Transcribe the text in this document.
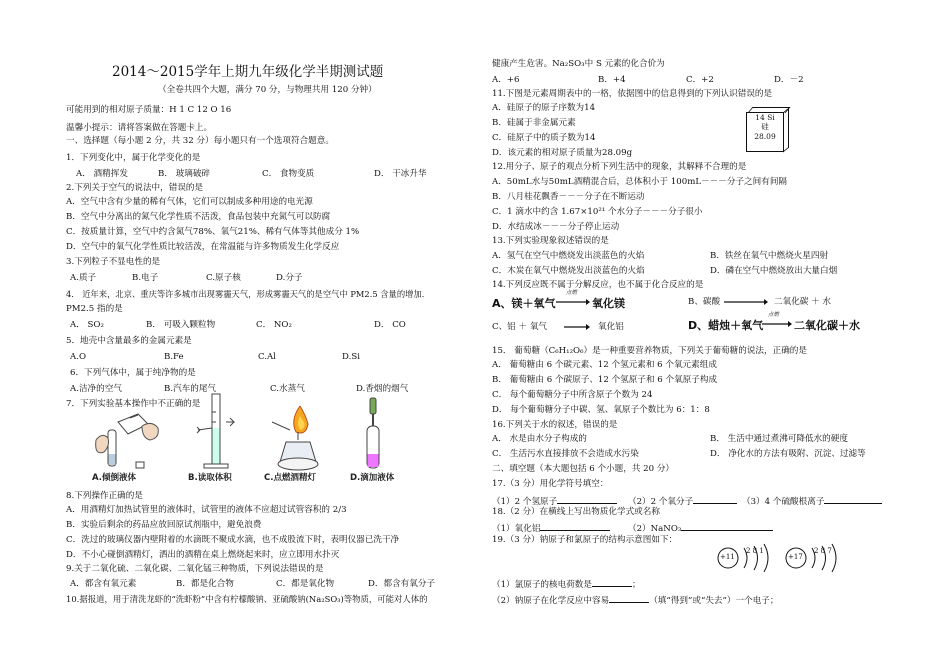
2014～2015学年上期九年级化学半期测试题
（全卷共四个大题，满分 70 分，与物理共用 120 分钟）
可能用到的相对原子质量：H 1 C 12 O 16
温馨小提示：请将答案做在答题卡上。
一、选择题（每小题 2 分，共 32 分）每小题只有一个选项符合题意。
1．下列变化中，属于化学变化的是
A． 酒精挥发	B． 玻璃破碎	C． 食物变质	D． 干冰升华
2.下列关于空气的说法中，错误的是
A．空气中含有少量的稀有气体，它们可以制成多种用途的电光源
B．空气中分离出的氮气化学性质不活泼，食品包装中充氮气可以防腐
C．按质量计算，空气中约含氮气78%、氧气21%、稀有气体等其他成分 1%
D．空气中的氧气化学性质比较活泼，在常温能与许多物质发生化学反应
3.下列粒子不显电性的是
A.质子	B.电子	C.原子核	D.分子
4． 近年来，北京、重庆等许多城市出现雾霾天气，形成雾霾天气的是空气中 PM2.5 含量的增加．
PM2.5 指的是
A． SO₂	B． 可吸入颗粒物	C． NO₂	D． CO
5．地壳中含量最多的金属元素是
A.O	B.Fe	C.Al	D.Si
6．下列气体中，属于纯净物的是
A.洁净的空气	B.汽车的尾气	C.水蒸气	D.香烟的烟气
7．下列实验基本操作中不正确的是
A.倾倒液体	B.读取体积	C.点燃酒精灯	D.滴加液体
8.下列操作正确的是
A．用酒精灯加热试管里的液体时，试管里的液体不应超过试管容积的 2/3
B．实验后剩余的药品应放回原试剂瓶中，避免浪费
C．洗过的玻璃仪器内壁附着的水滴既不聚成水滴，也不成股流下时，表明仪器已洗干净
D．不小心碰倒酒精灯，洒出的酒精在桌上燃烧起来时，应立即用水扑灭
9.关于二氧化硫、二氧化碳、二氧化锰三种物质，下列说法错误的是
A．都含有氧元素	B．都是化合物	C．都是氧化物	D．都含有氧分子
10.据报道，用于清洗龙虾的“洗虾粉”中含有柠檬酸钠、亚硫酸钠(Na₂SO₃)等物质，可能对人体的
健康产生危害。Na₂SO₃中 S 元素的化合价为
A．+6	B．+4	C．+2	D．－2
11.下图是元素周期表中的一格，依据图中的信息得到的下列认识错误的是
A．硅原子的原子序数为14
B．硅属于非金属元素
C．硅原子中的质子数为14
D．该元素的相对原子质量为28.09g
14 Si
硅
28.09
12.用分子、原子的观点分析下列生活中的现象，其解释不合理的是
A．50mL水与50mL酒精混合后，总体积小于 100mL－－－分子之间有间隔
B．八月桂花飘香－－－分子在不断运动
C．1 滴水中约含 1.67×10²¹ 个水分子－－－分子很小
D．水结成冰－－－分子停止运动
13.下列实验现象叙述错误的是
A．氢气在空气中燃烧发出淡蓝色的火焰	B．铁丝在氧气中燃烧火星四射
C．木炭在氧气中燃烧发出淡蓝色的火焰	D．磷在空气中燃烧放出大量白烟
14.下列反应既不属于分解反应，也不属于化合反应的是
A、镁＋氧气
点燃
氧化镁	B、碳酸	二氧化碳 ＋ 水
C、铝 ＋ 氧气	氧化铝	D、蜡烛＋氧气
点燃
二氧化碳＋水
15． 葡萄糖（C₆H₁₂O₆）是一种重要营养物质，下列关于葡萄糖的说法，正确的是
A． 葡萄糖由 6 个碳元素、12 个氢元素和 6 个氧元素组成
B． 葡萄糖由 6 个碳原子、12 个氢原子和 6 个氧原子构成
C． 每个葡萄糖分子中所含原子个数为 24
D． 每个葡萄糖分子中碳、氢、氧原子个数比为 6：1：8
16.下列关于水的叙述，错误的是
A． 水是由水分子构成的	B． 生活中通过煮沸可降低水的硬度
C． 生活污水直接排放不会造成水污染	D． 净化水的方法有吸附、沉淀、过滤等
二、填空题（本大题包括 6 个小题，共 20 分）
17.（3 分）用化学符号填空：
（1）2 个氢原子	（2）2 个氧分子	（3）4 个硫酸根离子
18.（2 分）在横线上写出物质化学式或名称
（1）氧化铝	（2）NaNO₃
19.（3 分）钠原子和氯原子的结构示意图如下：
+11
2 8 1
+17
2 8 7
（1）氯原子的核电荷数是	；
（2）钠原子在化学反应中容易	（填“得到”或“失去”）一个电子；
